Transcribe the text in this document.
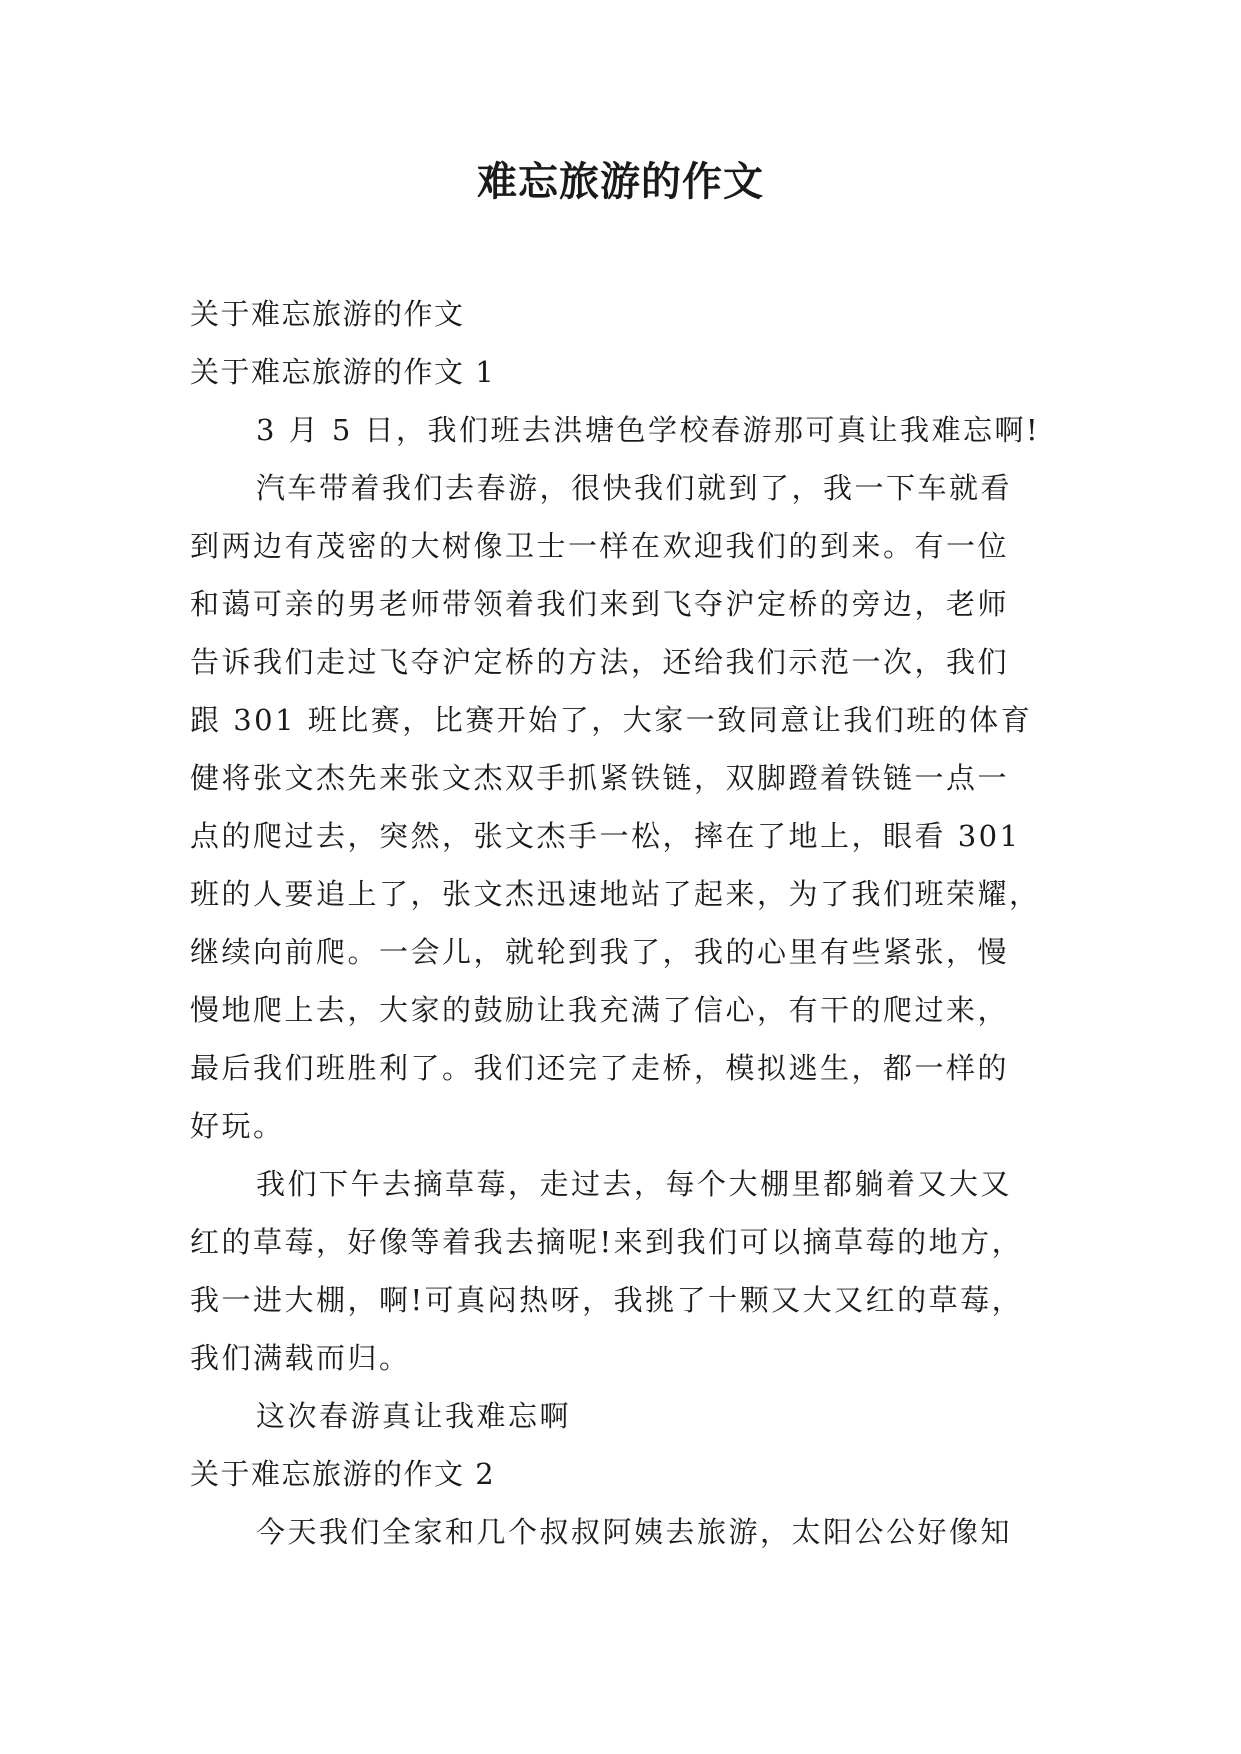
难忘旅游的作文

关于难忘旅游的作文

关于难忘旅游的作文 1

3 月 5 日，我们班去洪塘色学校春游那可真让我难忘啊!

汽车带着我们去春游，很快我们就到了，我一下车就看

到两边有茂密的大树像卫士一样在欢迎我们的到来。有一位

和蔼可亲的男老师带领着我们来到飞夺沪定桥的旁边，老师

告诉我们走过飞夺沪定桥的方法，还给我们示范一次，我们

跟 301 班比赛，比赛开始了，大家一致同意让我们班的体育

健将张文杰先来张文杰双手抓紧铁链，双脚蹬着铁链一点一

点的爬过去，突然，张文杰手一松，摔在了地上，眼看 301

班的人要追上了，张文杰迅速地站了起来，为了我们班荣耀，

继续向前爬。一会儿，就轮到我了，我的心里有些紧张，慢

慢地爬上去，大家的鼓励让我充满了信心，有干的爬过来，

最后我们班胜利了。我们还完了走桥，模拟逃生，都一样的

好玩。

我们下午去摘草莓，走过去，每个大棚里都躺着又大又

红的草莓，好像等着我去摘呢!来到我们可以摘草莓的地方，

我一进大棚，啊!可真闷热呀，我挑了十颗又大又红的草莓，

我们满载而归。

这次春游真让我难忘啊

关于难忘旅游的作文 2

今天我们全家和几个叔叔阿姨去旅游，太阳公公好像知
